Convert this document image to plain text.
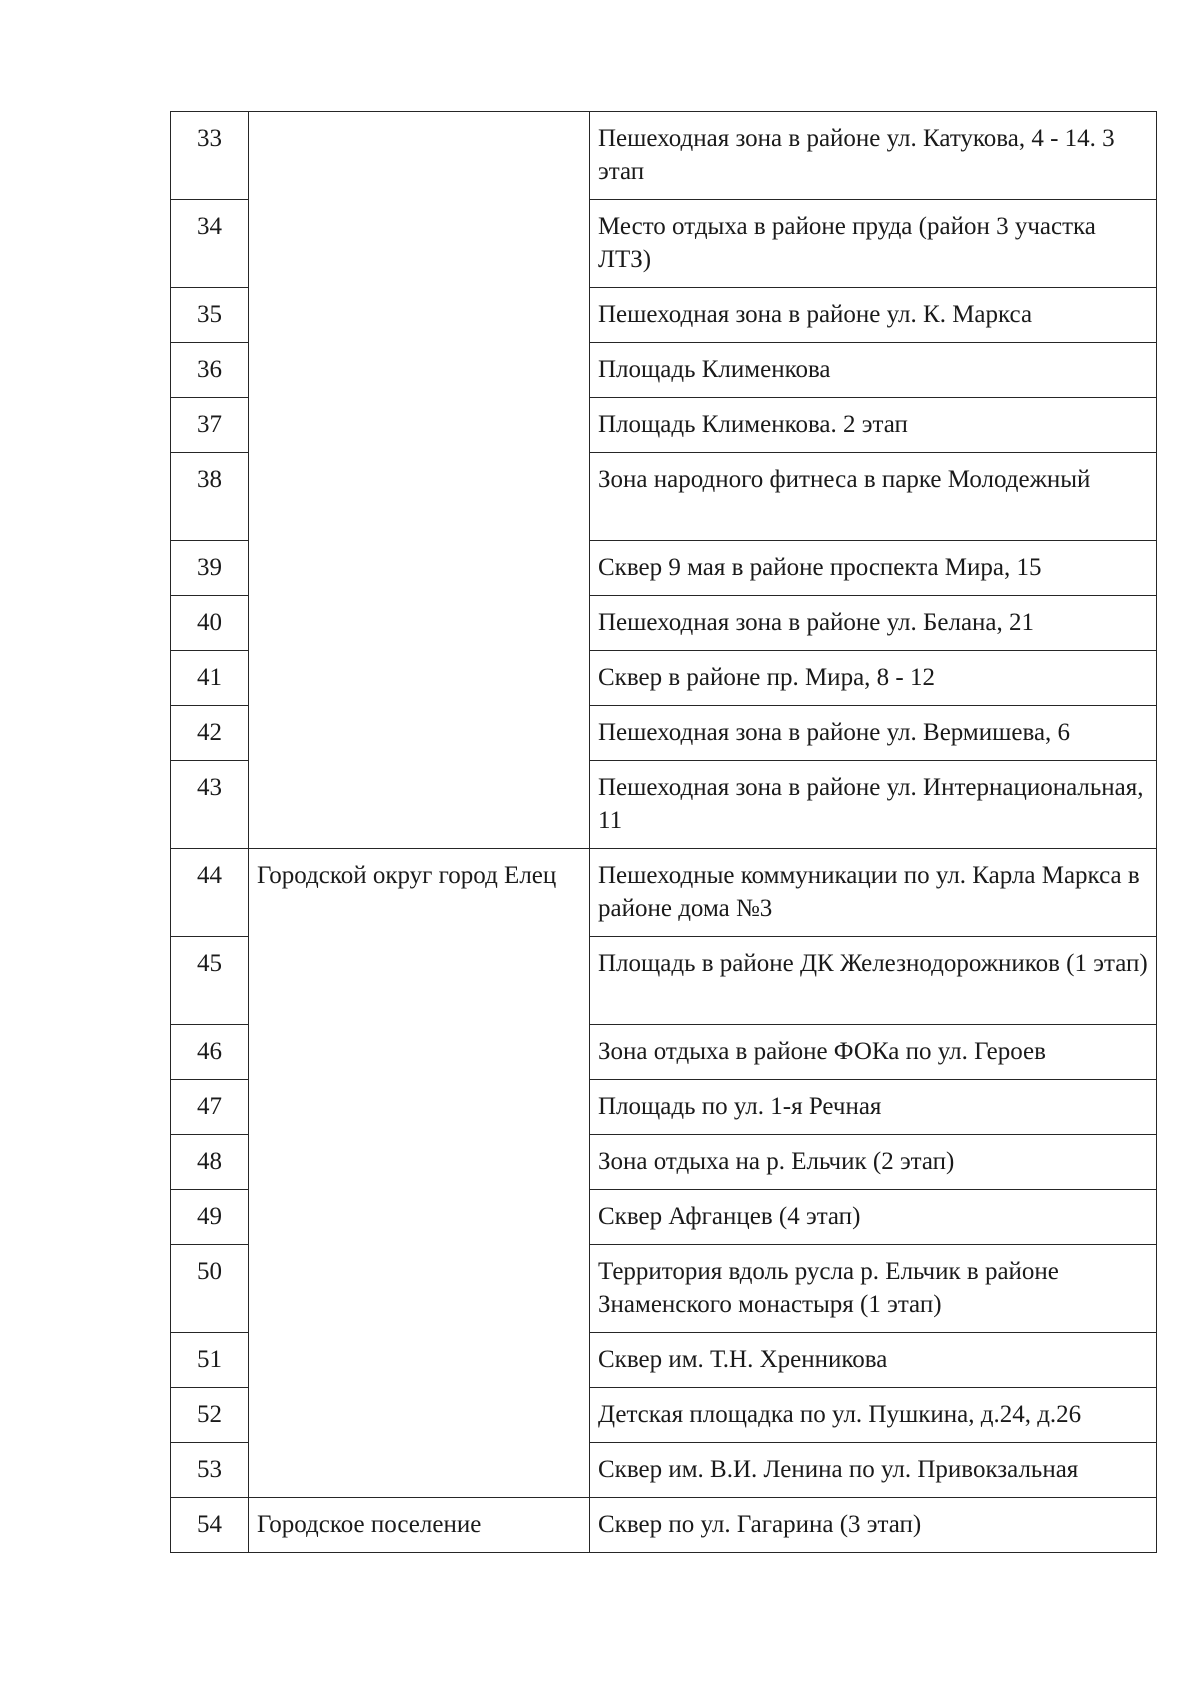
33		Пешеходная зона в районе ул. Катукова, 4 - 14. 3 этап
34		Место отдыха в районе пруда (район 3 участка ЛТЗ)
35		Пешеходная зона в районе ул. К. Маркса
36		Площадь Клименкова
37		Площадь Клименкова. 2 этап
38		Зона народного фитнеса в парке Молодежный
39		Сквер 9 мая в районе проспекта Мира, 15
40		Пешеходная зона в районе ул. Белана, 21
41		Сквер в районе пр. Мира, 8 - 12
42		Пешеходная зона в районе ул. Вермишева, 6
43		Пешеходная зона в районе ул. Интернациональная, 11
44	Городской округ город Елец	Пешеходные коммуникации по ул. Карла Маркса в районе дома №3
45		Площадь в районе ДК Железнодорожников (1 этап)
46		Зона отдыха в районе ФОКа по ул. Героев
47		Площадь по ул. 1-я Речная
48		Зона отдыха на р. Ельчик (2 этап)
49		Сквер Афганцев (4 этап)
50		Территория вдоль русла р. Ельчик в районе Знаменского монастыря (1 этап)
51		Сквер им. Т.Н. Хренникова
52		Детская площадка по ул. Пушкина, д.24, д.26
53		Сквер им. В.И. Ленина по ул. Привокзальная
54	Городское поселение	Сквер по ул. Гагарина (3 этап)
